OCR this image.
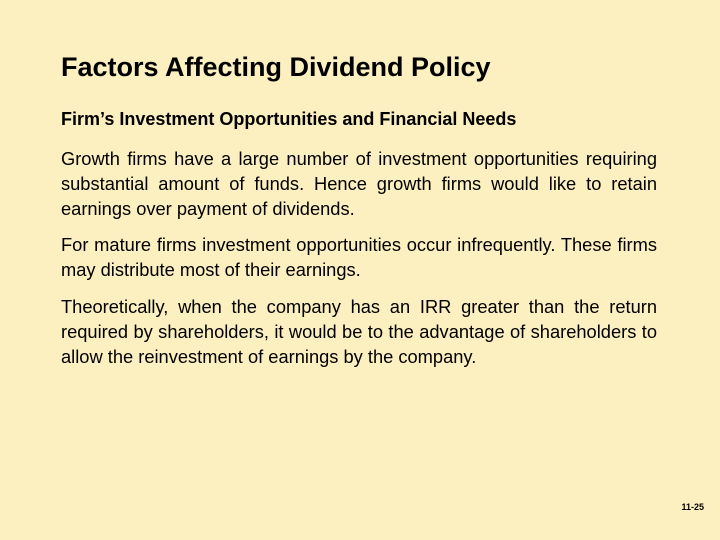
Factors Affecting Dividend Policy
Firm’s Investment Opportunities and Financial Needs
Growth firms have a large number of investment opportunities requiring substantial amount of funds. Hence growth firms would like to retain earnings over payment of dividends.
For mature firms investment opportunities occur infrequently. These firms may distribute most of their earnings.
Theoretically, when the company has an IRR greater than the return required by shareholders, it would be to the advantage of shareholders to allow the reinvestment of earnings by the company.
11-25
